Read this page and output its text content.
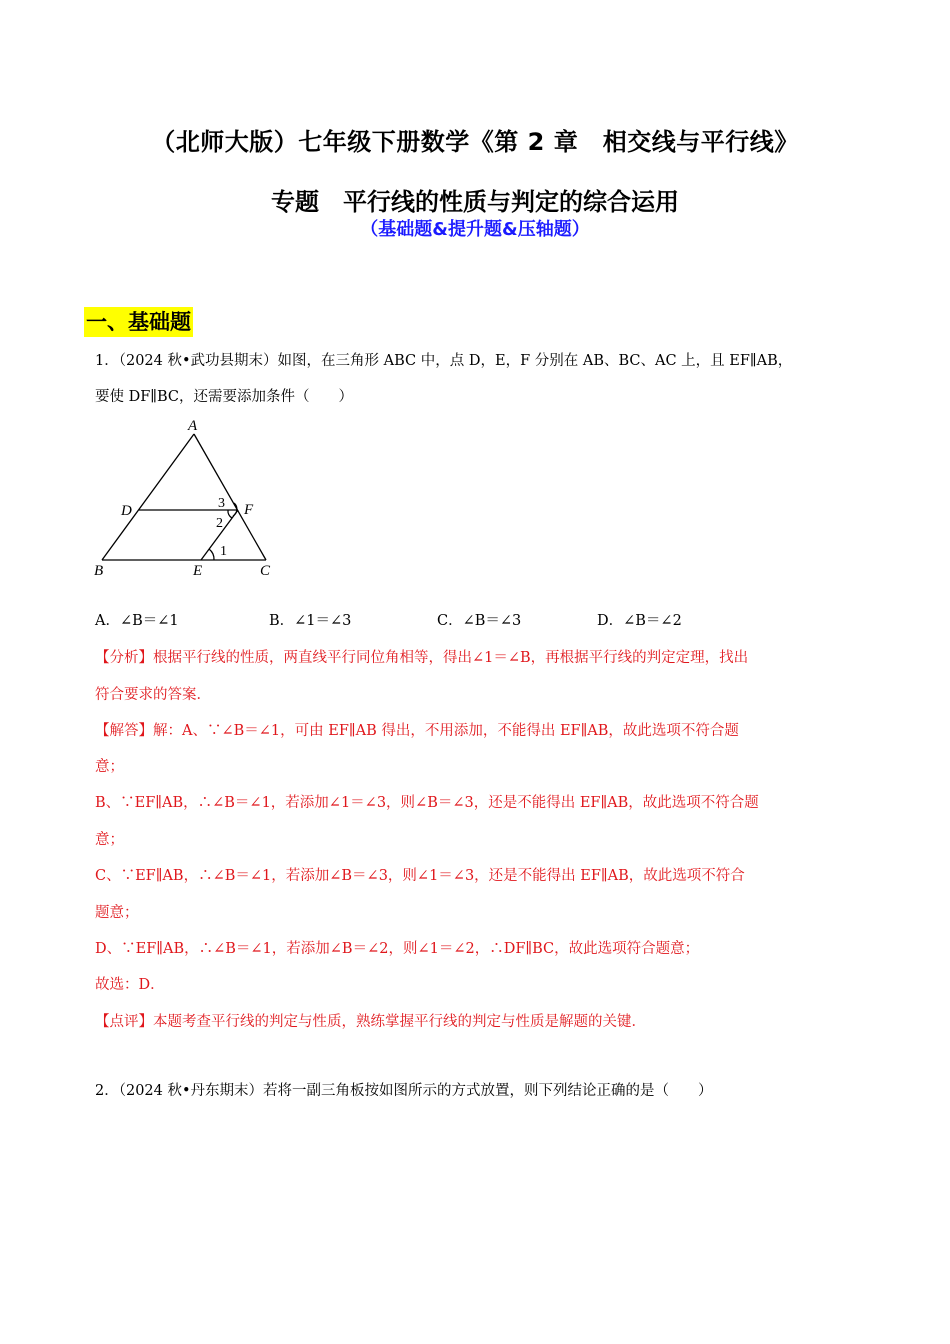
（北师大版）七年级下册数学《第 2 章　相交线与平行线》
专题　平行线的性质与判定的综合运用
（基础题&提升题&压轴题）
一、基础题
1．（2024 秋•武功县期末）如图，在三角形 ABC 中，点 D，E，F 分别在 AB、BC、AC 上，且 EF∥AB，
要使 DF∥BC，还需要添加条件（　　）
A
B	C
D
E
F
1
2
3
A．∠B＝∠1	B．∠1＝∠3	C．∠B＝∠3	D．∠B＝∠2
【分析】根据平行线的性质，两直线平行同位角相等，得出∠1＝∠B，再根据平行线的判定定理，找出
符合要求的答案．
【解答】解：A、∵∠B＝∠1，可由 EF∥AB 得出，不用添加，不能得出 EF∥AB，故此选项不符合题
意；
B、∵EF∥AB，∴∠B＝∠1，若添加∠1＝∠3，则∠B＝∠3，还是不能得出 EF∥AB，故此选项不符合题
意；
C、∵EF∥AB，∴∠B＝∠1，若添加∠B＝∠3，则∠1＝∠3，还是不能得出 EF∥AB，故此选项不符合
题意；
D、∵EF∥AB，∴∠B＝∠1，若添加∠B＝∠2，则∠1＝∠2，∴DF∥BC，故此选项符合题意；
故选：D．
【点评】本题考查平行线的判定与性质，熟练掌握平行线的判定与性质是解题的关键．
2．（2024 秋•丹东期末）若将一副三角板按如图所示的方式放置，则下列结论正确的是（　　）
